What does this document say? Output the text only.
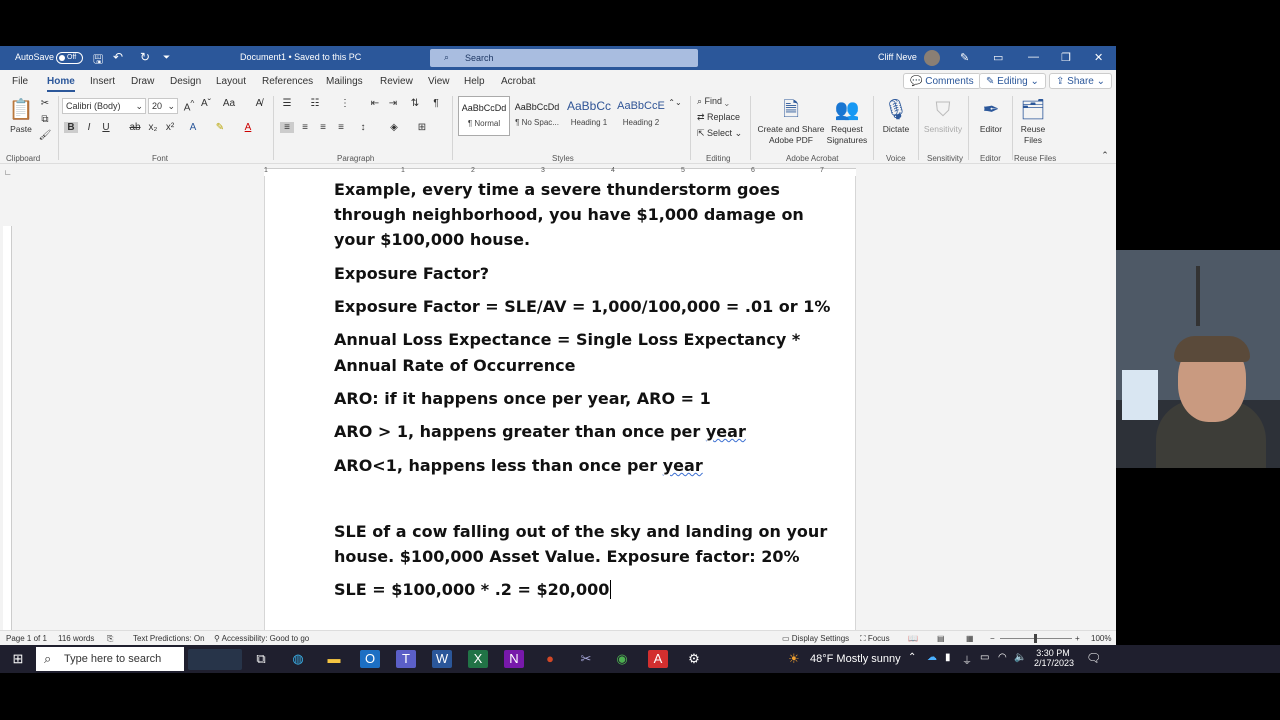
AutoSave	Off	🖫 ↶ ↻ ⏷	Document1 • Saved to this PC	⌕ Search	Cliff Neve	✎ ▭ — ❐ ✕
File Home Insert Draw Design Layout References Mailings Review View Help Acrobat	💬 Comments	✎ Editing ⌄	⇪ Share ⌄
📋
Paste
✂
⧉
🖌
Clipboard
Calibri (Body) ⌄	20 ⌄ A^ Aˇ Aa	A̸
B	I	U	ab x₂ x²	A	✎	A
Font
☰ ☷ ⋮ ⇤ ⇥ ⇅	¶
≡	≡	≡	≡	↕	◈	⊞
Paragraph
AaBbCcDd
¶ Normal
AaBbCcDd
¶ No Spac...
AaBbCc
Heading 1
AaBbCcE
Heading 2
⌃⌄
Styles
⌕ Find ⌄
⇄ Replace
⇱ Select ⌄
Editing
🗎
Create and Share
Adobe PDF
👥
Request
Signatures
Adobe Acrobat
🎙
Dictate
Voice
⛉
Sensitivity
Sensitivity
✒
Editor
Editor
🗂
Reuse
Files
Reuse Files	⌃
∟	1	1	2	3	4	5	6	7
Example, every time a severe thunderstorm goes
through neighborhood, you have $1,000 damage on
your $100,000 house.
Exposure Factor?
Exposure Factor = SLE/AV = 1,000/100,000 = .01 or 1%
Annual Loss Expectance = Single Loss Expectancy *
Annual Rate of Occurrence
ARO: if it happens once per year, ARO = 1
ARO > 1, happens greater than once per year
ARO<1, happens less than once per year
SLE of a cow falling out of the sky and landing on your
house. $100,000 Asset Value. Exposure factor: 20%
SLE = $100,000 * .2 = $20,000
Page 1 of 1 116 words ⎘ Text Predictions: On ⚲ Accessibility: Good to go	▭ Display Settings ⛶ Focus 📖 ▤	▦ −	+ 100%
⊞	⌕ Type here to search	⧉	◍	▬	O	T	W	X	N	●	✂	◉	A	⚙	☀ 48°F Mostly sunny ⌃ ☁ ▮ ⏚ ▭ ◠ 🔈 3:30 PM
2/17/2023 🗨
